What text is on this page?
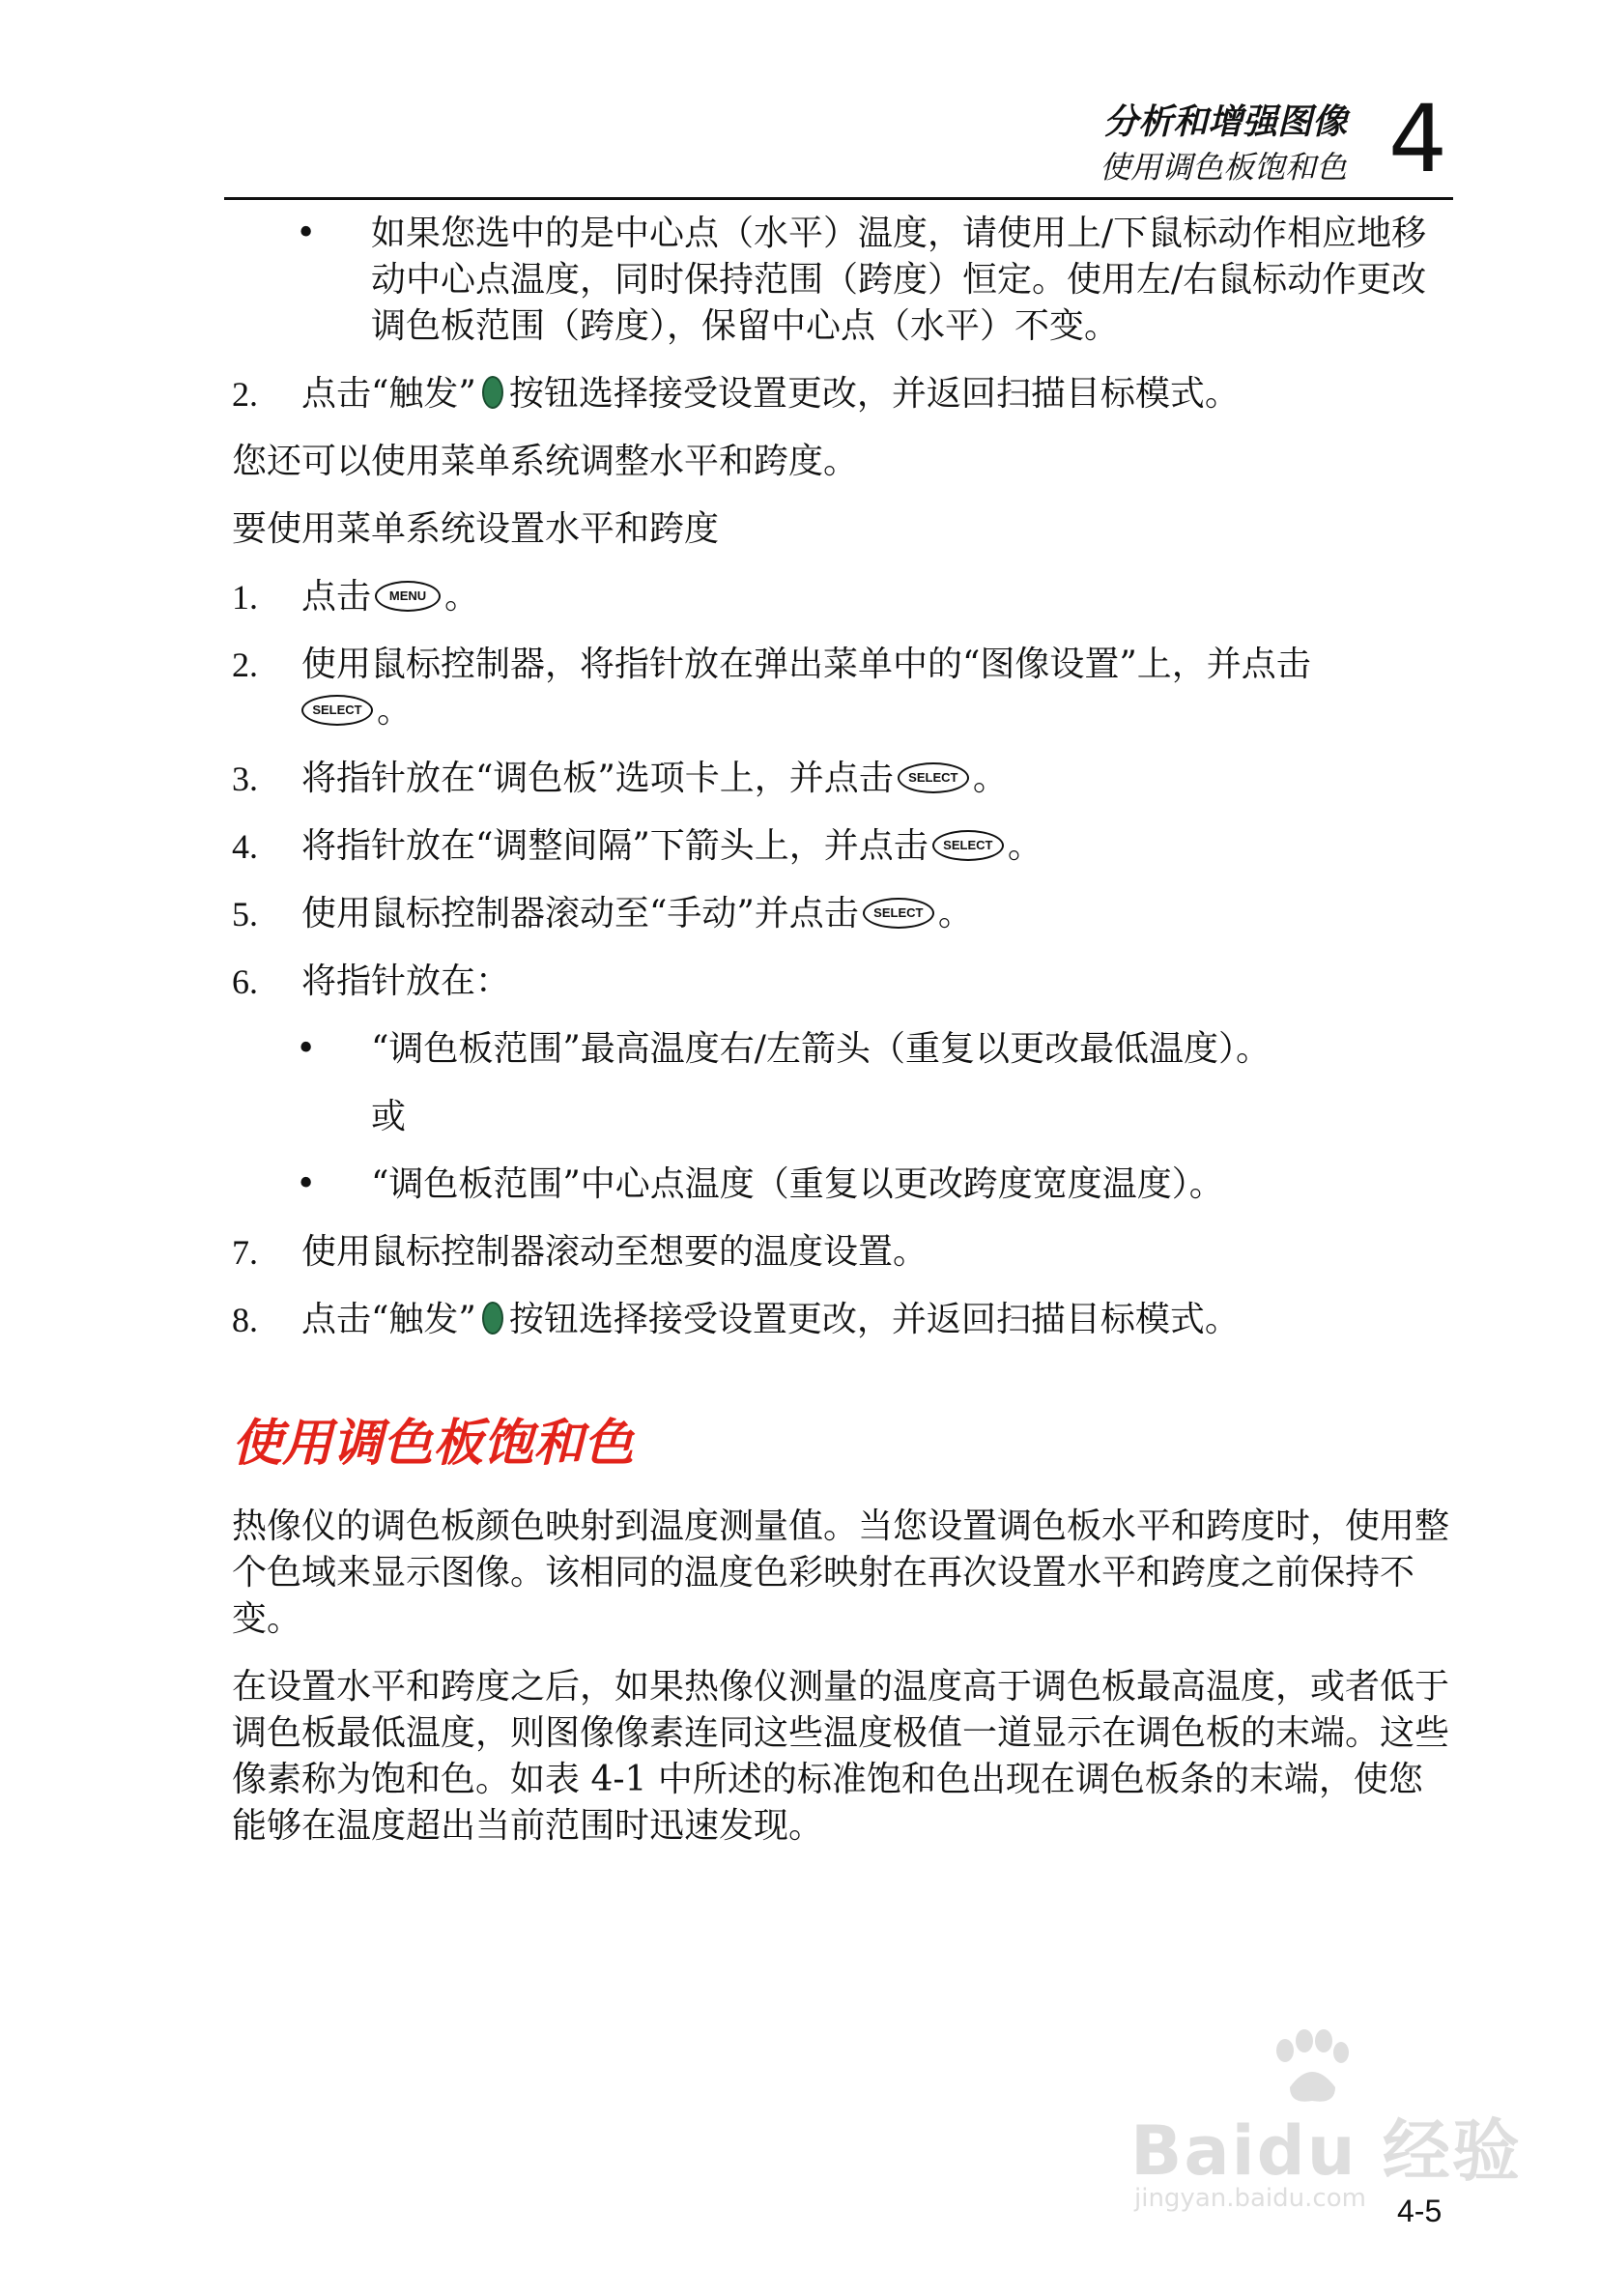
分析和增强图像
使用调色板饱和色 4
• 如果您选中的是中心点（水平）温度，请使用上/下鼠标动作相应地移动中心点温度，同时保持范围（跨度）恒定。使用左/右鼠标动作更改调色板范围（跨度），保留中心点（水平）不变。
2. 点击“触发” 按钮选择接受设置更改，并返回扫描目标模式。

您还可以使用菜单系统调整水平和跨度。

要使用菜单系统设置水平和跨度

1. 点击 MENU 。
2. 使用鼠标控制器，将指针放在弹出菜单中的“图像设置”上，并点击
SELECT 。
3. 将指针放在“调色板”选项卡上，并点击 SELECT 。
4. 将指针放在“调整间隔”下箭头上，并点击 SELECT 。
5. 使用鼠标控制器滚动至“手动”并点击 SELECT 。
6. 将指针放在：
• “调色板范围”最高温度右/左箭头（重复以更改最低温度）。
或
• “调色板范围”中心点温度（重复以更改跨度宽度温度）。
7. 使用鼠标控制器滚动至想要的温度设置。
8. 点击“触发” 按钮选择接受设置更改，并返回扫描目标模式。
使用调色板饱和色

热像仪的调色板颜色映射到温度测量值。当您设置调色板水平和跨度时，使用整个色域来显示图像。该相同的温度色彩映射在再次设置水平和跨度之前保持不变。

在设置水平和跨度之后，如果热像仪测量的温度高于调色板最高温度，或者低于调色板最低温度，则图像像素连同这些温度极值一道显示在调色板的末端。这些像素称为饱和色。如表 4-1 中所述的标准饱和色出现在调色板条的末端，使您能够在温度超出当前范围时迅速发现。

Baidu 经验
jingyan.baidu.com 4-5
